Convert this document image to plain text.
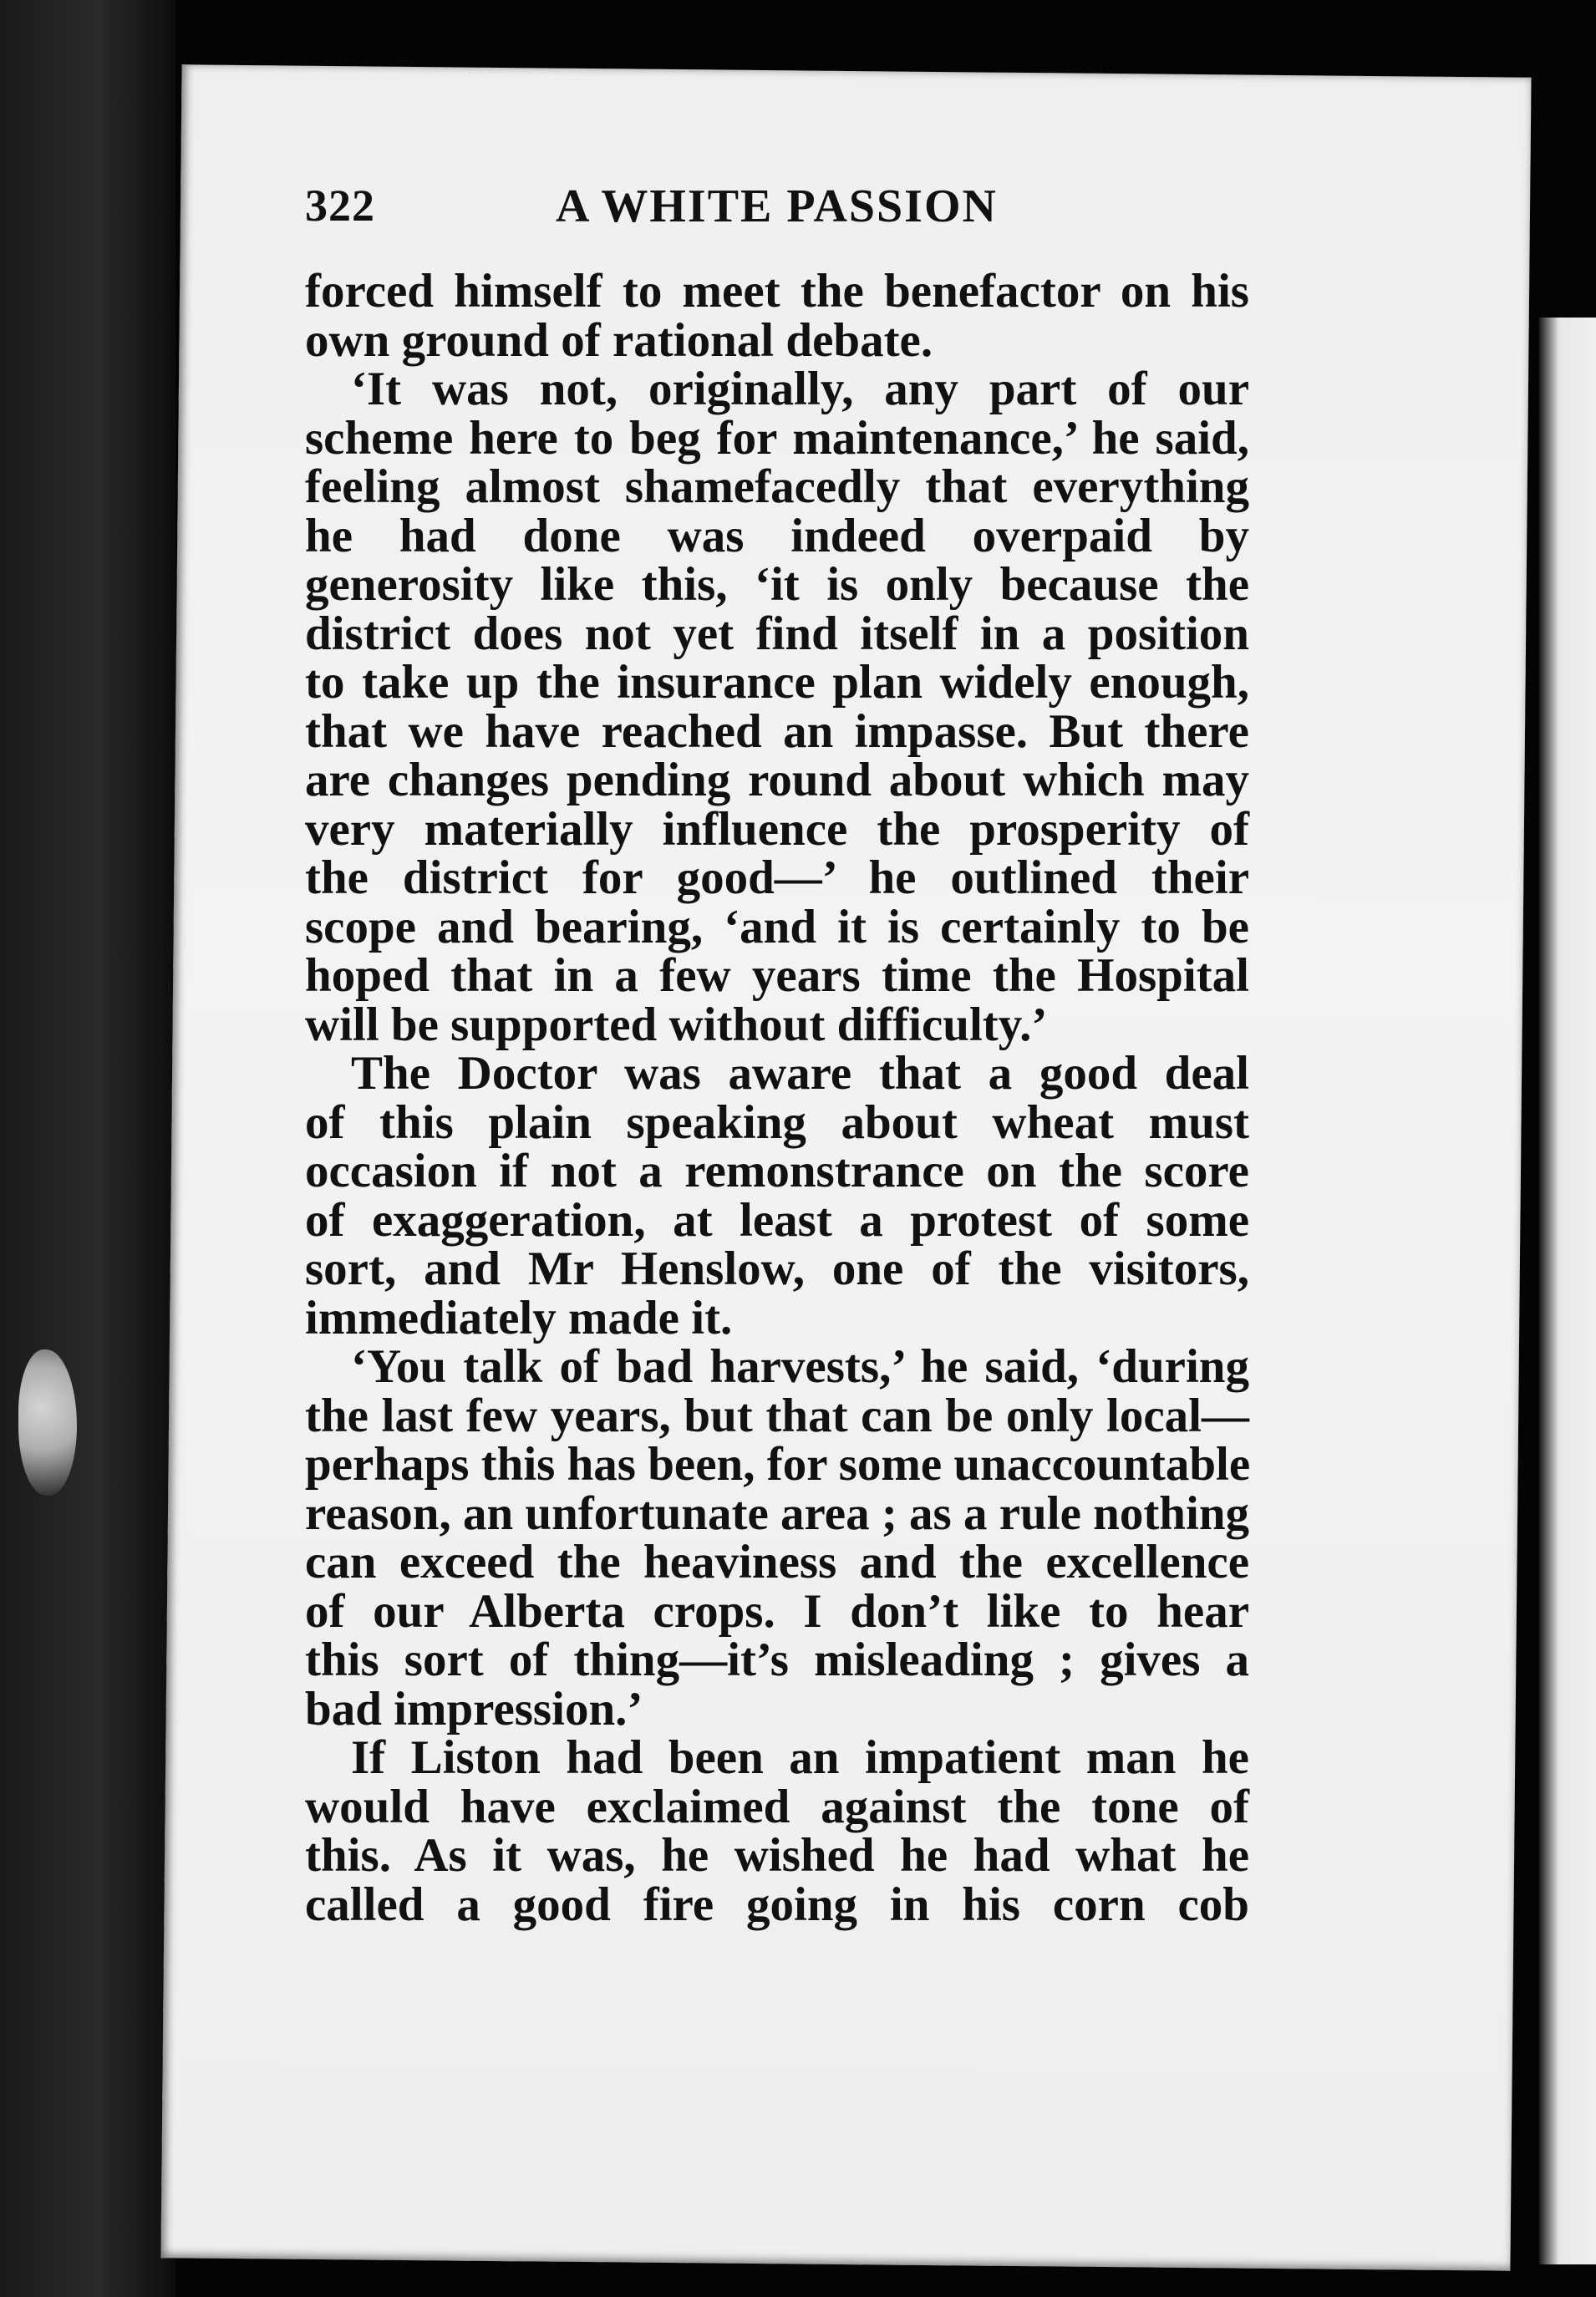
322	A WHITE PASSION
forced himself to meet the benefactor on his
own ground of rational debate.
‘It was not, originally, any part of our
scheme here to beg for maintenance,’ he said,
feeling almost shamefacedly that everything
he had done was indeed overpaid by
generosity like this, ‘it is only because the
district does not yet find itself in a position
to take up the insurance plan widely enough,
that we have reached an impasse. But there
are changes pending round about which may
very materially influence the prosperity of
the district for good—’ he outlined their
scope and bearing, ‘and it is certainly to be
hoped that in a few years time the Hospital
will be supported without difficulty.’
The Doctor was aware that a good deal
of this plain speaking about wheat must
occasion if not a remonstrance on the score
of exaggeration, at least a protest of some
sort, and Mr Henslow, one of the visitors,
immediately made it.
‘You talk of bad harvests,’ he said, ‘during
the last few years, but that can be only local—
perhaps this has been, for some unaccountable
reason, an unfortunate area ; as a rule nothing
can exceed the heaviness and the excellence
of our Alberta crops. I don’t like to hear
this sort of thing—it’s misleading ; gives a
bad impression.’
If Liston had been an impatient man he
would have exclaimed against the tone of
this. As it was, he wished he had what he
called a good fire going in his corn cob
